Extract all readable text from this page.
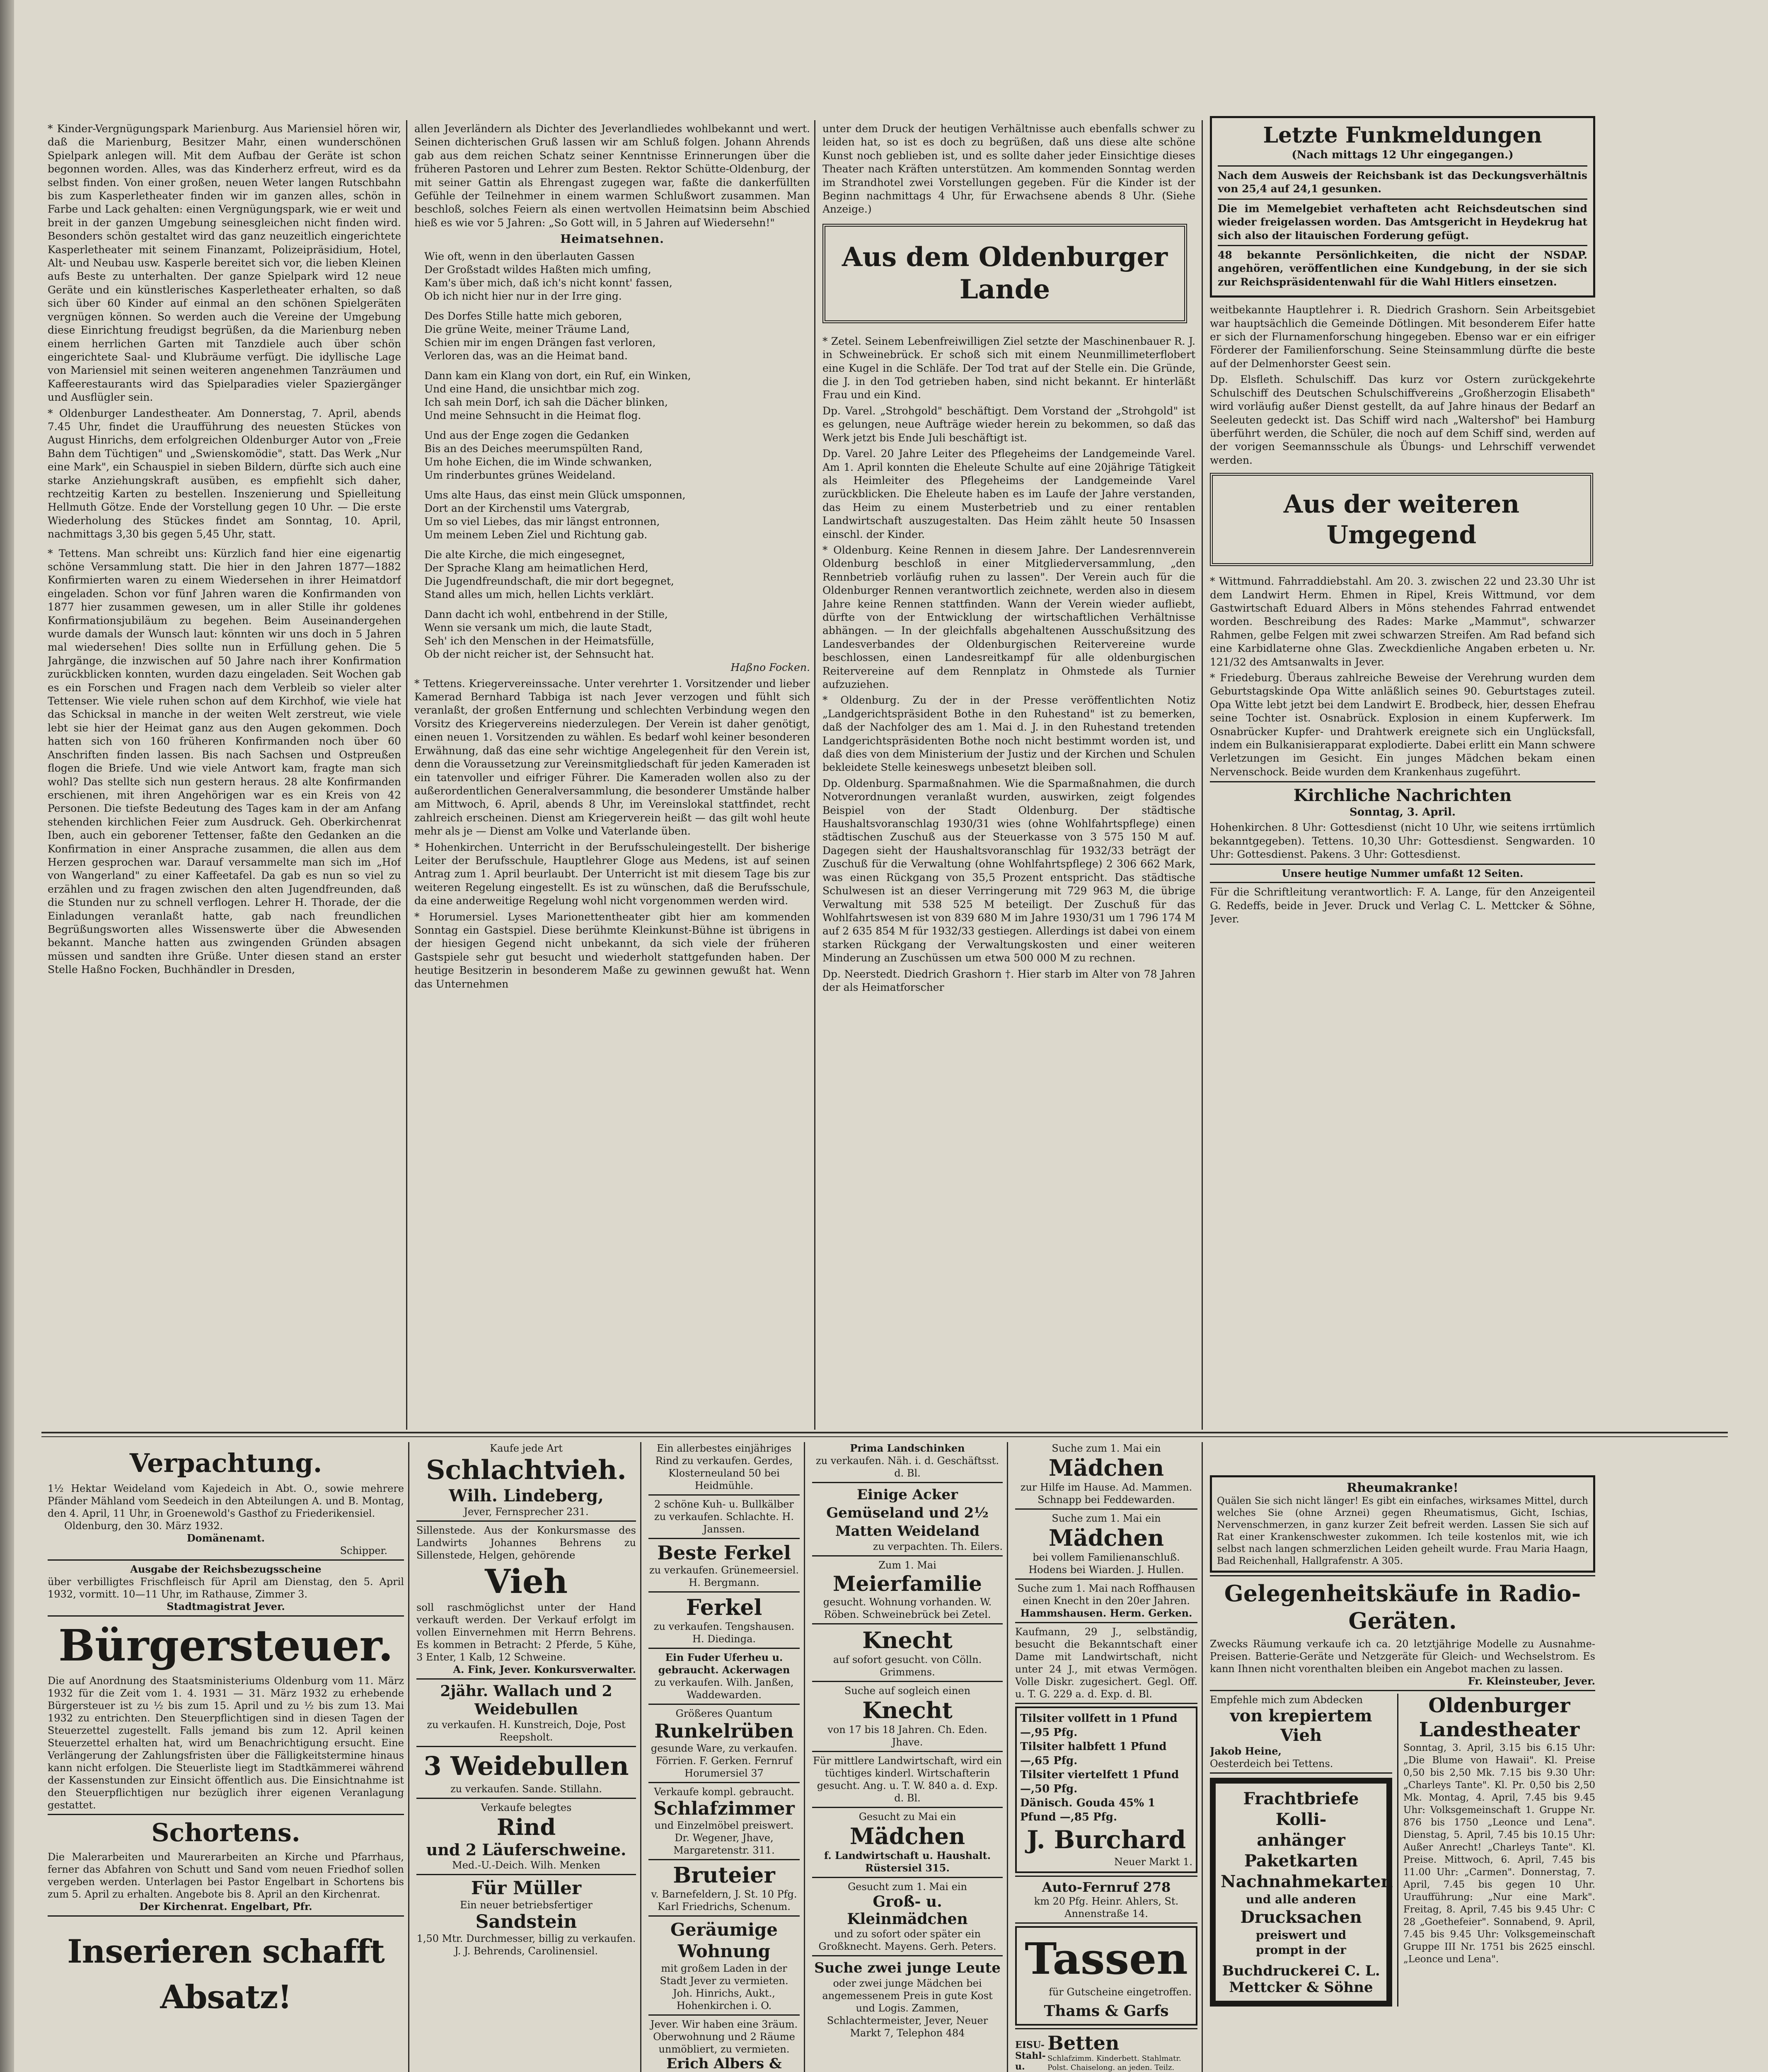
* Kinder-Vergnügungspark Marienburg. Aus Mariensiel hören wir, daß die Marienburg, Besitzer Mahr, einen wunderschönen Spielpark anlegen will. Mit dem Aufbau der Geräte ist schon begonnen worden. Alles, was das Kinderherz erfreut, wird es da selbst finden. Von einer großen, neuen Weter langen Rutschbahn bis zum Kasperletheater finden wir im ganzen alles, schön in Farbe und Lack gehalten: einen Vergnügungspark, wie er weit und breit in der ganzen Umgebung seinesgleichen nicht finden wird. Besonders schön gestaltet wird das ganz neuzeitlich eingerichtete Kasperletheater mit seinem Finanzamt, Polizeipräsidium, Hotel, Alt- und Neubau usw. Kasperle bereitet sich vor, die lieben Kleinen aufs Beste zu unterhalten. Der ganze Spielpark wird 12 neue Geräte und ein künstlerisches Kasperletheater erhalten, so daß sich über 60 Kinder auf einmal an den schönen Spielgeräten vergnügen können. So werden auch die Vereine der Umgebung diese Einrichtung freudigst begrüßen, da die Marienburg neben einem herrlichen Garten mit Tanzdiele auch über schön eingerichtete Saal- und Klubräume verfügt. Die idyllische Lage von Mariensiel mit seinen weiteren angenehmen Tanzräumen und Kaffeerestaurants wird das Spielparadies vieler Spaziergänger und Ausflügler sein.

* Oldenburger Landestheater. Am Donnerstag, 7. April, abends 7.45 Uhr, findet die Uraufführung des neuesten Stückes von August Hinrichs, dem erfolgreichen Oldenburger Autor von „Freie Bahn dem Tüchtigen" und „Swienskomödie", statt. Das Werk „Nur eine Mark", ein Schauspiel in sieben Bildern, dürfte sich auch eine starke Anziehungskraft ausüben, es empfiehlt sich daher, rechtzeitig Karten zu bestellen. Inszenierung und Spielleitung Hellmuth Götze. Ende der Vorstellung gegen 10 Uhr. — Die erste Wiederholung des Stückes findet am Sonntag, 10. April, nachmittags 3,30 bis gegen 5,45 Uhr, statt.

* Tettens. Man schreibt uns: Kürzlich fand hier eine eigenartig schöne Versammlung statt. Die hier in den Jahren 1877—1882 Konfirmierten waren zu einem Wiedersehen in ihrer Heimatdorf eingeladen. Schon vor fünf Jahren waren die Konfirmanden von 1877 hier zusammen gewesen, um in aller Stille ihr goldenes Konfirmationsjubiläum zu begehen. Beim Auseinandergehen wurde damals der Wunsch laut: könnten wir uns doch in 5 Jahren mal wiedersehen! Dies sollte nun in Erfüllung gehen. Die 5 Jahrgänge, die inzwischen auf 50 Jahre nach ihrer Konfirmation zurückblicken konnten, wurden dazu eingeladen. Seit Wochen gab es ein Forschen und Fragen nach dem Verbleib so vieler alter Tettenser. Wie viele ruhen schon auf dem Kirchhof, wie viele hat das Schicksal in manche in der weiten Welt zerstreut, wie viele lebt sie hier der Heimat ganz aus den Augen gekommen. Doch hatten sich von 160 früheren Konfirmanden noch über 60 Anschriften finden lassen. Bis nach Sachsen und Ostpreußen flogen die Briefe. Und wie viele Antwort kam, fragte man sich wohl? Das stellte sich nun gestern heraus. 28 alte Konfirmanden erschienen, mit ihren Angehörigen war es ein Kreis von 42 Personen. Die tiefste Bedeutung des Tages kam in der am Anfang stehenden kirchlichen Feier zum Ausdruck. Geh. Oberkirchenrat Iben, auch ein geborener Tettenser, faßte den Gedanken an die Konfirmation in einer Ansprache zusammen, die allen aus dem Herzen gesprochen war. Darauf versammelte man sich im „Hof von Wangerland" zu einer Kaffeetafel. Da gab es nun so viel zu erzählen und zu fragen zwischen den alten Jugendfreunden, daß die Stunden nur zu schnell verflogen. Lehrer H. Thorade, der die Einladungen veranlaßt hatte, gab nach freundlichen Begrüßungsworten alles Wissenswerte über die Abwesenden bekannt. Manche hatten aus zwingenden Gründen absagen müssen und sandten ihre Grüße. Unter diesen stand an erster Stelle Haßno Focken, Buchhändler in Dresden,

allen Jeverländern als Dichter des Jeverlandliedes wohlbekannt und wert. Seinen dichterischen Gruß lassen wir am Schluß folgen. Johann Ahrends gab aus dem reichen Schatz seiner Kenntnisse Erinnerungen über die früheren Pastoren und Lehrer zum Besten. Rektor Schütte-Oldenburg, der mit seiner Gattin als Ehrengast zugegen war, faßte die dankerfüllten Gefühle der Teilnehmer in einem warmen Schlußwort zusammen. Man beschloß, solches Feiern als einen wertvollen Heimatsinn beim Abschied hieß es wie vor 5 Jahren: „So Gott will, in 5 Jahren auf Wiedersehn!"

Heimatsehnen.
Wie oft, wenn in den überlauten Gassen
Der Großstadt wildes Haßten mich umfing,
Kam's über mich, daß ich's nicht konnt' fassen,
Ob ich nicht hier nur in der Irre ging.
Des Dorfes Stille hatte mich geboren,
Die grüne Weite, meiner Träume Land,
Schien mir im engen Drängen fast verloren,
Verloren das, was an die Heimat band.
Dann kam ein Klang von dort, ein Ruf, ein Winken,
Und eine Hand, die unsichtbar mich zog.
Ich sah mein Dorf, ich sah die Dächer blinken,
Und meine Sehnsucht in die Heimat flog.
Und aus der Enge zogen die Gedanken
Bis an des Deiches meerumspülten Rand,
Um hohe Eichen, die im Winde schwanken,
Um rinderbuntes grünes Weideland.
Ums alte Haus, das einst mein Glück umsponnen,
Dort an der Kirchenstil ums Vatergrab,
Um so viel Liebes, das mir längst entronnen,
Um meinem Leben Ziel und Richtung gab.
Die alte Kirche, die mich eingesegnet,
Der Sprache Klang am heimatlichen Herd,
Die Jugendfreundschaft, die mir dort begegnet,
Stand alles um mich, hellen Lichts verklärt.
Dann dacht ich wohl, entbehrend in der Stille,
Wenn sie versank um mich, die laute Stadt,
Seh' ich den Menschen in der Heimatsfülle,
Ob der nicht reicher ist, der Sehnsucht hat.

Haßno Focken.

* Tettens. Kriegervereinssache. Unter verehrter 1. Vorsitzender und lieber Kamerad Bernhard Tabbiga ist nach Jever verzogen und fühlt sich veranlaßt, der großen Entfernung und schlechten Verbindung wegen den Vorsitz des Kriegervereins niederzulegen. Der Verein ist daher genötigt, einen neuen 1. Vorsitzenden zu wählen. Es bedarf wohl keiner besonderen Erwähnung, daß das eine sehr wichtige Angelegenheit für den Verein ist, denn die Voraussetzung zur Vereinsmitgliedschaft für jeden Kameraden ist ein tatenvoller und eifriger Führer. Die Kameraden wollen also zu der außerordentlichen Generalversammlung, die besonderer Umstände halber am Mittwoch, 6. April, abends 8 Uhr, im Vereinslokal stattfindet, recht zahlreich erscheinen. Dienst am Kriegerverein heißt — das gilt wohl heute mehr als je — Dienst am Volke und Vaterlande üben.

* Hohenkirchen. Unterricht in der Berufsschuleingestellt. Der bisherige Leiter der Berufsschule, Hauptlehrer Gloge aus Medens, ist auf seinen Antrag zum 1. April beurlaubt. Der Unterricht ist mit diesem Tage bis zur weiteren Regelung eingestellt. Es ist zu wünschen, daß die Berufsschule, da eine anderweitige Regelung wohl nicht vorgenommen werden wird.

* Horumersiel. Lyses Marionettentheater gibt hier am kommenden Sonntag ein Gastspiel. Diese berühmte Kleinkunst-Bühne ist übrigens in der hiesigen Gegend nicht unbekannt, da sich viele der früheren Gastspiele sehr gut besucht und wiederholt stattgefunden haben. Der heutige Besitzerin in besonderem Maße zu gewinnen gewußt hat. Wenn das Unternehmen

unter dem Druck der heutigen Verhältnisse auch ebenfalls schwer zu leiden hat, so ist es doch zu begrüßen, daß uns diese alte schöne Kunst noch geblieben ist, und es sollte daher jeder Einsichtige dieses Theater nach Kräften unterstützen. Am kommenden Sonntag werden im Strandhotel zwei Vorstellungen gegeben. Für die Kinder ist der Beginn nachmittags 4 Uhr, für Erwachsene abends 8 Uhr. (Siehe Anzeige.)

Aus dem Oldenburger Lande

* Zetel. Seinem Lebenfreiwilligen Ziel setzte der Maschinenbauer R. J. in Schweinebrück. Er schoß sich mit einem Neunmillimeterflobert eine Kugel in die Schläfe. Der Tod trat auf der Stelle ein. Die Gründe, die J. in den Tod getrieben haben, sind nicht bekannt. Er hinterläßt Frau und ein Kind.

Dp. Varel. „Strohgold" beschäftigt. Dem Vorstand der „Strohgold" ist es gelungen, neue Aufträge wieder herein zu bekommen, so daß das Werk jetzt bis Ende Juli beschäftigt ist.

Dp. Varel. 20 Jahre Leiter des Pflegeheims der Landgemeinde Varel. Am 1. April konnten die Eheleute Schulte auf eine 20jährige Tätigkeit als Heimleiter des Pflegeheims der Landgemeinde Varel zurückblicken. Die Eheleute haben es im Laufe der Jahre verstanden, das Heim zu einem Musterbetrieb und zu einer rentablen Landwirtschaft auszugestalten. Das Heim zählt heute 50 Insassen einschl. der Kinder.

* Oldenburg. Keine Rennen in diesem Jahre. Der Landesrennverein Oldenburg beschloß in einer Mitgliederversammlung, „den Rennbetrieb vorläufig ruhen zu lassen". Der Verein auch für die Oldenburger Rennen verantwortlich zeichnete, werden also in diesem Jahre keine Rennen stattfinden. Wann der Verein wieder aufliebt, dürfte von der Entwicklung der wirtschaftlichen Verhältnisse abhängen. — In der gleichfalls abgehaltenen Ausschußsitzung des Landesverbandes der Oldenburgischen Reitervereine wurde beschlossen, einen Landesreitkampf für alle oldenburgischen Reitervereine auf dem Rennplatz in Ohmstede als Turnier aufzuziehen.

* Oldenburg. Zu der in der Presse veröffentlichten Notiz „Landgerichtspräsident Bothe in den Ruhestand" ist zu bemerken, daß der Nachfolger des am 1. Mai d. J. in den Ruhestand tretenden Landgerichtspräsidenten Bothe noch nicht bestimmt worden ist, und daß dies von dem Ministerium der Justiz und der Kirchen und Schulen bekleidete Stelle keineswegs unbesetzt bleiben soll.

Dp. Oldenburg. Sparmaßnahmen. Wie die Sparmaßnahmen, die durch Notverordnungen veranlaßt wurden, auswirken, zeigt folgendes Beispiel von der Stadt Oldenburg. Der städtische Haushaltsvoranschlag 1930/31 wies (ohne Wohlfahrtspflege) einen städtischen Zuschuß aus der Steuerkasse von 3 575 150 M auf. Dagegen sieht der Haushaltsvoranschlag für 1932/33 beträgt der Zuschuß für die Verwaltung (ohne Wohlfahrtspflege) 2 306 662 Mark, was einen Rückgang von 35,5 Prozent entspricht. Das städtische Schulwesen ist an dieser Verringerung mit 729 963 M, die übrige Verwaltung mit 538 525 M beteiligt. Der Zuschuß für das Wohlfahrtswesen ist von 839 680 M im Jahre 1930/31 um 1 796 174 M auf 2 635 854 M für 1932/33 gestiegen. Allerdings ist dabei von einem starken Rückgang der Verwaltungskosten und einer weiteren Minderung an Zuschüssen um etwa 500 000 M zu rechnen.

Dp. Neerstedt. Diedrich Grashorn †. Hier starb im Alter von 78 Jahren der als Heimatforscher

Letzte Funkmeldungen
(Nach mittags 12 Uhr eingegangen.)

Nach dem Ausweis der Reichsbank ist das Deckungsverhältnis von 25,4 auf 24,1 gesunken.

Die im Memelgebiet verhafteten acht Reichsdeutschen sind wieder freigelassen worden. Das Amtsgericht in Heydekrug hat sich also der litauischen Forderung gefügt.

48 bekannte Persönlichkeiten, die nicht der NSDAP. angehören, veröffentlichen eine Kundgebung, in der sie sich zur Reichspräsidentenwahl für die Wahl Hitlers einsetzen.

weitbekannte Hauptlehrer i. R. Diedrich Grashorn. Sein Arbeitsgebiet war hauptsächlich die Gemeinde Dötlingen. Mit besonderem Eifer hatte er sich der Flurnamenforschung hingegeben. Ebenso war er ein eifriger Förderer der Familienforschung. Seine Steinsammlung dürfte die beste auf der Delmenhorster Geest sein.

Dp. Elsfleth. Schulschiff. Das kurz vor Ostern zurückgekehrte Schulschiff des Deutschen Schulschiffvereins „Großherzogin Elisabeth" wird vorläufig außer Dienst gestellt, da auf Jahre hinaus der Bedarf an Seeleuten gedeckt ist. Das Schiff wird nach „Waltershof" bei Hamburg überführt werden, die Schüler, die noch auf dem Schiff sind, werden auf der vorigen Seemannsschule als Übungs- und Lehrschiff verwendet werden.

Aus der weiteren Umgegend

* Wittmund. Fahrraddiebstahl. Am 20. 3. zwischen 22 und 23.30 Uhr ist dem Landwirt Herm. Ehmen in Ripel, Kreis Wittmund, vor dem Gastwirtschaft Eduard Albers in Möns stehendes Fahrrad entwendet worden. Beschreibung des Rades: Marke „Mammut", schwarzer Rahmen, gelbe Felgen mit zwei schwarzen Streifen. Am Rad befand sich eine Karbidlaterne ohne Glas. Zweckdienliche Angaben erbeten u. Nr. 121/32 des Amtsanwalts in Jever.

* Friedeburg. Überaus zahlreiche Beweise der Verehrung wurden dem Geburtstagskinde Opa Witte anläßlich seines 90. Geburtstages zuteil. Opa Witte lebt jetzt bei dem Landwirt E. Brodbeck, hier, dessen Ehefrau seine Tochter ist. Osnabrück. Explosion in einem Kupferwerk. Im Osnabrücker Kupfer- und Drahtwerk ereignete sich ein Unglücksfall, indem ein Bulkanisierapparat explodierte. Dabei erlitt ein Mann schwere Verletzungen im Gesicht. Ein junges Mädchen bekam einen Nervenschock. Beide wurden dem Krankenhaus zugeführt.

Kirchliche Nachrichten
Sonntag, 3. April.

Hohenkirchen. 8 Uhr: Gottesdienst (nicht 10 Uhr, wie seitens irrtümlich bekanntgegeben). Tettens. 10,30 Uhr: Gottesdienst. Sengwarden. 10 Uhr: Gottesdienst. Pakens. 3 Uhr: Gottesdienst.

Unsere heutige Nummer umfaßt 12 Seiten.

Für die Schriftleitung verantwortlich: F. A. Lange, für den Anzeigenteil G. Redeffs, beide in Jever. Druck und Verlag C. L. Mettcker & Söhne, Jever.

Verpachtung.
1½ Hektar Weideland vom Kajedeich in Abt. O., sowie mehrere Pfänder Mähland vom Seedeich in den Abteilungen A. und B. Montag, den 4. April, 11 Uhr, in Groenewold's Gasthof zu Friederikensiel.
Oldenburg, den 30. März 1932.
Domänenamt.
Schipper.
Ausgabe der Reichsbezugsscheine
über verbilligtes Frischfleisch für April am Dienstag, den 5. April 1932, vormitt. 10—11 Uhr, im Rathause, Zimmer 3.
Stadtmagistrat Jever.
Bürgersteuer.
Die auf Anordnung des Staatsministeriums Oldenburg vom 11. März 1932 für die Zeit vom 1. 4. 1931 — 31. März 1932 zu erhebende Bürgersteuer ist zu ½ bis zum 15. April und zu ½ bis zum 13. Mai 1932 zu entrichten. Den Steuerpflichtigen sind in diesen Tagen der Steuerzettel zugestellt. Falls jemand bis zum 12. April keinen Steuerzettel erhalten hat, wird um Benachrichtigung ersucht. Eine Verlängerung der Zahlungsfristen über die Fälligkeitstermine hinaus kann nicht erfolgen. Die Steuerliste liegt im Stadtkämmerei während der Kassenstunden zur Einsicht öffentlich aus. Die Einsichtnahme ist den Steuerpflichtigen nur bezüglich ihrer eigenen Veranlagung gestattet.
Schortens.
Die Malerarbeiten und Maurerarbeiten an Kirche und Pfarrhaus, ferner das Abfahren von Schutt und Sand vom neuen Friedhof sollen vergeben werden. Unterlagen bei Pastor Engelbart in Schortens bis zum 5. April zu erhalten. Angebote bis 8. April an den Kirchenrat.
Der Kirchenrat. Engelbart, Pfr.
Inserieren schafft Absatz!
Kaufe jede Art
Schlachtvieh.
Wilh. Lindeberg,
Jever, Fernsprecher 231.
Sillenstede. Aus der Konkursmasse des Landwirts Johannes Behrens zu Sillenstede, Helgen, gehörende
Vieh
soll raschmöglichst unter der Hand verkauft werden. Der Verkauf erfolgt im vollen Einvernehmen mit Herrn Behrens. Es kommen in Betracht: 2 Pferde, 5 Kühe, 3 Enter, 1 Kalb, 12 Schweine.
A. Fink, Jever. Konkursverwalter.
2jähr. Wallach und 2 Weidebullen
zu verkaufen. H. Kunstreich, Doje, Post Reepsholt.
3 Weidebullen
zu verkaufen. Sande. Stillahn.
Verkaufe belegtes
Rind
und 2 Läuferschweine.
Med.-U.-Deich. Wilh. Menken
Für Müller
Ein neuer betriebsfertiger
Sandstein
1,50 Mtr. Durchmesser, billig zu verkaufen. J. J. Behrends, Carolinensiel.
Ein allerbestes einjähriges Rind zu verkaufen. Gerdes, Klosterneuland 50 bei Heidmühle.
2 schöne Kuh- u. Bullkälber zu verkaufen. Schlachte. H. Janssen.
Beste Ferkel
zu verkaufen. Grünemeersiel. H. Bergmann.
Ferkel
zu verkaufen. Tengshausen. H. Diedinga.
Ein Fuder Uferheu u. gebraucht. Ackerwagen
zu verkaufen. Wilh. Janßen, Waddewarden.
Größeres Quantum
Runkelrüben
gesunde Ware, zu verkaufen. Förrien. F. Gerken. Fernruf Horumersiel 37
Verkaufe kompl. gebraucht.
Schlafzimmer
und Einzelmöbel preiswert. Dr. Wegener, Jhave, Margaretenstr. 311.
Bruteier
v. Barnefeldern, J. St. 10 Pfg. Karl Friedrichs, Schenum.
Geräumige Wohnung
mit großem Laden in der Stadt Jever zu vermieten. Joh. Hinrichs, Aukt., Hohenkirchen i. O.
Jever. Wir haben eine 3räum. Oberwohnung und 2 Räume unmöbliert, zu vermieten.
Erich Albers &
Prima Landschinken
zu verkaufen. Näh. i. d. Geschäftsst. d. Bl.
Einige Acker Gemüseland und 2½ Matten Weideland
zu verpachten. Th. Eilers.
Zum 1. Mai
Meierfamilie
gesucht. Wohnung vorhanden. W. Röben. Schweinebrück bei Zetel.
Knecht
auf sofort gesucht. von Cölln. Grimmens.
Suche auf sogleich einen
Knecht
von 17 bis 18 Jahren. Ch. Eden. Jhave.
Für mittlere Landwirtschaft, wird ein tüchtiges kinderl. Wirtschafterin gesucht. Ang. u. T. W. 840 a. d. Exp. d. Bl.
Gesucht zu Mai ein
Mädchen
f. Landwirtschaft u. Haushalt. Rüstersiel 315.
Gesucht zum 1. Mai ein
Groß- u. Kleinmädchen
und zu sofort oder später ein Großknecht. Mayens. Gerh. Peters.
Suche zwei junge Leute
oder zwei junge Mädchen bei angemessenem Preis in gute Kost und Logis. Zammen, Schlachtermeister, Jever, Neuer Markt 7, Telephon 484
Suche zum 1. Mai ein
Mädchen
zur Hilfe im Hause. Ad. Mammen. Schnapp bei Feddewarden.
Suche zum 1. Mai ein
Mädchen
bei vollem Familienanschluß. Hodens bei Wiarden. J. Hullen.
Suche zum 1. Mai nach Roffhausen einen Knecht in den 20er Jahren.
Hammshausen. Herm. Gerken.
Kaufmann, 29 J., selbständig, besucht die Bekanntschaft einer Dame mit Landwirtschaft, nicht unter 24 J., mit etwas Vermögen. Volle Diskr. zugesichert. Gegl. Off. u. T. G. 229 a. d. Exp. d. Bl.
Tilsiter vollfett in 1 Pfund —,95 Pfg.
Tilsiter halbfett 1 Pfund —,65 Pfg.
Tilsiter viertelfett 1 Pfund —,50 Pfg.
Dänisch. Gouda 45% 1 Pfund —,85 Pfg.
J. Burchard
Neuer Markt 1.
Auto-Fernruf 278
km 20 Pfg. Heinr. Ahlers, St. Annenstraße 14.
Tassen
für Gutscheine eingetroffen.
Thams & Garfs
EISU- Stahl- u.
Betten
Schlafzimm. Kinderbett. Stahlmatr. Polst. Chaiselong. an jeden. Teilz.
Rheumakranke!
Quälen Sie sich nicht länger! Es gibt ein einfaches, wirksames Mittel, durch welches Sie (ohne Arznei) gegen Rheumatismus, Gicht, Ischias, Nervenschmerzen, in ganz kurzer Zeit befreit werden. Lassen Sie sich auf Rat einer Krankenschwester zukommen. Ich teile kostenlos mit, wie ich selbst nach langen schmerzlichen Leiden geheilt wurde. Frau Maria Haagn, Bad Reichenhall, Hallgrafenstr. A 305.
Gelegenheitskäufe in Radio-Geräten.
Zwecks Räumung verkaufe ich ca. 20 letztjährige Modelle zu Ausnahme-Preisen. Batterie-Geräte und Netzgeräte für Gleich- und Wechselstrom. Es kann Ihnen nicht vorenthalten bleiben ein Angebot machen zu lassen.
Fr. Kleinsteuber, Jever.
Empfehle mich zum Abdecken
von krepiertem Vieh
Jakob Heine,
Oesterdeich bei Tettens.
Frachtbriefe
Kolli-
anhänger
Paketkarten
Nachnahmekarten
und alle anderen
Drucksachen
preiswert und
prompt in der
Buchdruckerei C. L. Mettcker & Söhne
Oldenburger Landestheater
Sonntag, 3. April, 3.15 bis 6.15 Uhr: „Die Blume von Hawaii". Kl. Preise 0,50 bis 2,50 Mk. 7.15 bis 9.30 Uhr: „Charleys Tante". Kl. Pr. 0,50 bis 2,50 Mk. Montag, 4. April, 7.45 bis 9.45 Uhr: Volksgemeinschaft 1. Gruppe Nr. 876 bis 1750 „Leonce und Lena". Dienstag, 5. April, 7.45 bis 10.15 Uhr: Außer Anrecht! „Charleys Tante". Kl. Preise. Mittwoch, 6. April, 7.45 bis 11.00 Uhr: „Carmen". Donnerstag, 7. April, 7.45 bis gegen 10 Uhr. Uraufführung: „Nur eine Mark". Freitag, 8. April, 7.45 bis 9.45 Uhr: C 28 „Goethefeier". Sonnabend, 9. April, 7.45 bis 9.45 Uhr: Volksgemeinschaft Gruppe III Nr. 1751 bis 2625 einschl. „Leonce und Lena".
